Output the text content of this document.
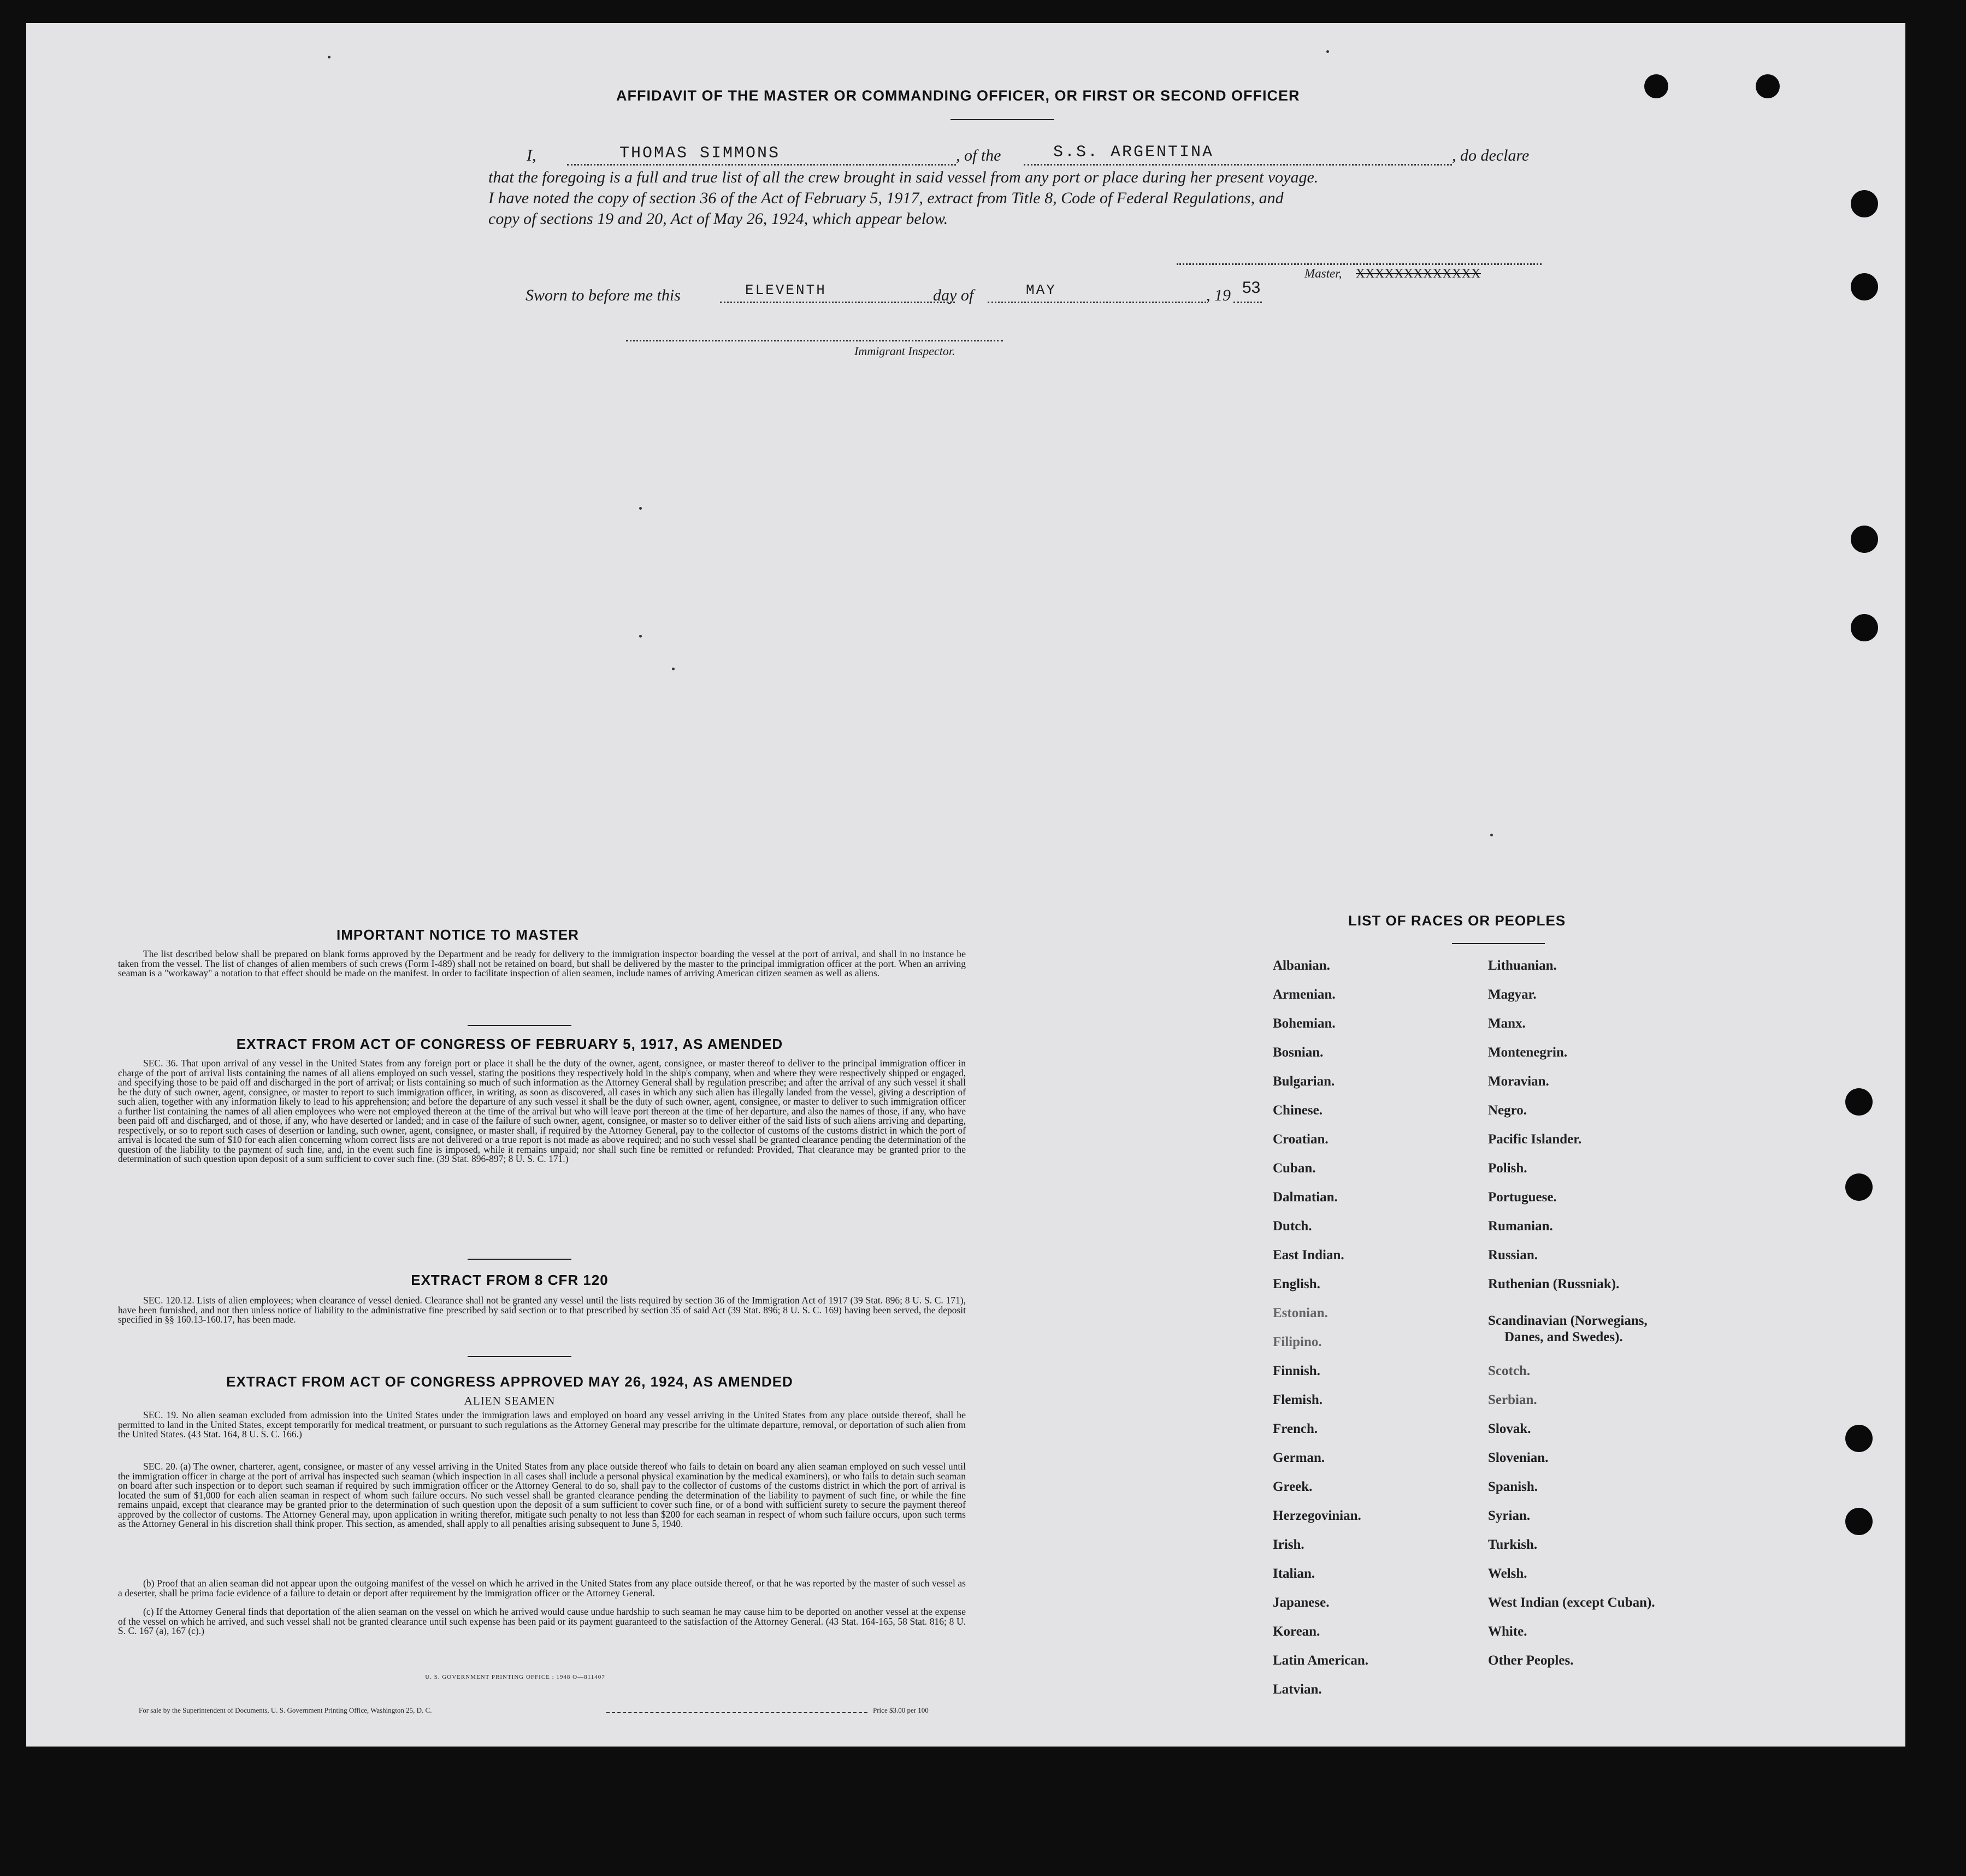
AFFIDAVIT OF THE MASTER OR COMMANDING OFFICER, OR FIRST OR SECOND OFFICER
I,	THOMAS SIMMONS	, of the	S.S. ARGENTINA	, do declare
that the foregoing is a full and true list of all the crew brought in said vessel from any port or place during her present voyage.
I have noted the copy of section 36 of the Act of February 5, 1917, extract from Title 8, Code of Federal Regulations, and
copy of sections 19 and 20, Act of May 26, 1924, which appear below.
Master, XXXXXXXXXXXXX
Sworn to before me this	ELEVENTH	day of	MAY	, 19 53
Immigrant Inspector.
IMPORTANT NOTICE TO MASTER
The list described below shall be prepared on blank forms approved by the Department and be ready for delivery to the immigration inspector boarding the vessel at the port of arrival, and shall in no instance be taken from the vessel. The list of changes of alien members of such crews (Form I-489) shall not be retained on board, but shall be delivered by the master to the principal immigration officer at the port. When an arriving seaman is a "workaway" a notation to that effect should be made on the manifest. In order to facilitate inspection of alien seamen, include names of arriving American citizen seamen as well as aliens.
EXTRACT FROM ACT OF CONGRESS OF FEBRUARY 5, 1917, AS AMENDED
SEC. 36. That upon arrival of any vessel in the United States from any foreign port or place it shall be the duty of the owner, agent, consignee, or master thereof to deliver to the principal immigration officer in charge of the port of arrival lists containing the names of all aliens employed on such vessel, stating the positions they respectively hold in the ship's company, when and where they were respectively shipped or engaged, and specifying those to be paid off and discharged in the port of arrival; or lists containing so much of such information as the Attorney General shall by regulation prescribe; and after the arrival of any such vessel it shall be the duty of such owner, agent, consignee, or master to report to such immigration officer, in writing, as soon as discovered, all cases in which any such alien has illegally landed from the vessel, giving a description of such alien, together with any information likely to lead to his apprehension; and before the departure of any such vessel it shall be the duty of such owner, agent, consignee, or master to deliver to such immigration officer a further list containing the names of all alien employees who were not employed thereon at the time of the arrival but who will leave port thereon at the time of her departure, and also the names of those, if any, who have been paid off and discharged, and of those, if any, who have deserted or landed; and in case of the failure of such owner, agent, consignee, or master so to deliver either of the said lists of such aliens arriving and departing, respectively, or so to report such cases of desertion or landing, such owner, agent, consignee, or master shall, if required by the Attorney General, pay to the collector of customs of the customs district in which the port of arrival is located the sum of $10 for each alien concerning whom correct lists are not delivered or a true report is not made as above required; and no such vessel shall be granted clearance pending the determination of the question of the liability to the payment of such fine, and, in the event such fine is imposed, while it remains unpaid; nor shall such fine be remitted or refunded: Provided, That clearance may be granted prior to the determination of such question upon deposit of a sum sufficient to cover such fine. (39 Stat. 896-897; 8 U. S. C. 171.)
EXTRACT FROM 8 CFR 120
SEC. 120.12. Lists of alien employees; when clearance of vessel denied. Clearance shall not be granted any vessel until the lists required by section 36 of the Immigration Act of 1917 (39 Stat. 896; 8 U. S. C. 171), have been furnished, and not then unless notice of liability to the administrative fine prescribed by said section or to that prescribed by section 35 of said Act (39 Stat. 896; 8 U. S. C. 169) having been served, the deposit specified in §§ 160.13-160.17, has been made.
EXTRACT FROM ACT OF CONGRESS APPROVED MAY 26, 1924, AS AMENDED
ALIEN SEAMEN
SEC. 19. No alien seaman excluded from admission into the United States under the immigration laws and employed on board any vessel arriving in the United States from any place outside thereof, shall be permitted to land in the United States, except temporarily for medical treatment, or pursuant to such regulations as the Attorney General may prescribe for the ultimate departure, removal, or deportation of such alien from the United States. (43 Stat. 164, 8 U. S. C. 166.)
SEC. 20. (a) The owner, charterer, agent, consignee, or master of any vessel arriving in the United States from any place outside thereof who fails to detain on board any alien seaman employed on such vessel until the immigration officer in charge at the port of arrival has inspected such seaman (which inspection in all cases shall include a personal physical examination by the medical examiners), or who fails to detain such seaman on board after such inspection or to deport such seaman if required by such immigration officer or the Attorney General to do so, shall pay to the collector of customs of the customs district in which the port of arrival is located the sum of $1,000 for each alien seaman in respect of whom such failure occurs. No such vessel shall be granted clearance pending the determination of the liability to payment of such fine, or while the fine remains unpaid, except that clearance may be granted prior to the determination of such question upon the deposit of a sum sufficient to cover such fine, or of a bond with sufficient surety to secure the payment thereof approved by the collector of customs. The Attorney General may, upon application in writing therefor, mitigate such penalty to not less than $200 for each seaman in respect of whom such failure occurs, upon such terms as the Attorney General in his discretion shall think proper. This section, as amended, shall apply to all penalties arising subsequent to June 5, 1940.
(b) Proof that an alien seaman did not appear upon the outgoing manifest of the vessel on which he arrived in the United States from any place outside thereof, or that he was reported by the master of such vessel as a deserter, shall be prima facie evidence of a failure to detain or deport after requirement by the immigration officer or the Attorney General.
(c) If the Attorney General finds that deportation of the alien seaman on the vessel on which he arrived would cause undue hardship to such seaman he may cause him to be deported on another vessel at the expense of the vessel on which he arrived, and such vessel shall not be granted clearance until such expense has been paid or its payment guaranteed to the satisfaction of the Attorney General. (43 Stat. 164-165, 58 Stat. 816; 8 U. S. C. 167 (a), 167 (c).)
U. S. GOVERNMENT PRINTING OFFICE : 1948 O—811407
For sale by the Superintendent of Documents, U. S. Government Printing Office, Washington 25, D. C.	Price $3.00 per 100
LIST OF RACES OR PEOPLES
Albanian.
Armenian.
Bohemian.
Bosnian.
Bulgarian.
Chinese.
Croatian.
Cuban.
Dalmatian.
Dutch.
East Indian.
English.
Estonian.
Filipino.
Finnish.
Flemish.
French.
German.
Greek.
Herzegovinian.
Irish.
Italian.
Japanese.
Korean.
Latin American.
Latvian.
Lithuanian.
Magyar.
Manx.
Montenegrin.
Moravian.
Negro.
Pacific Islander.
Polish.
Portuguese.
Rumanian.
Russian.
Ruthenian (Russniak).
Scandinavian (Norwegians,
Danes, and Swedes).
Scotch.
Serbian.
Slovak.
Slovenian.
Spanish.
Syrian.
Turkish.
Welsh.
West Indian (except Cuban).
White.
Other Peoples.
